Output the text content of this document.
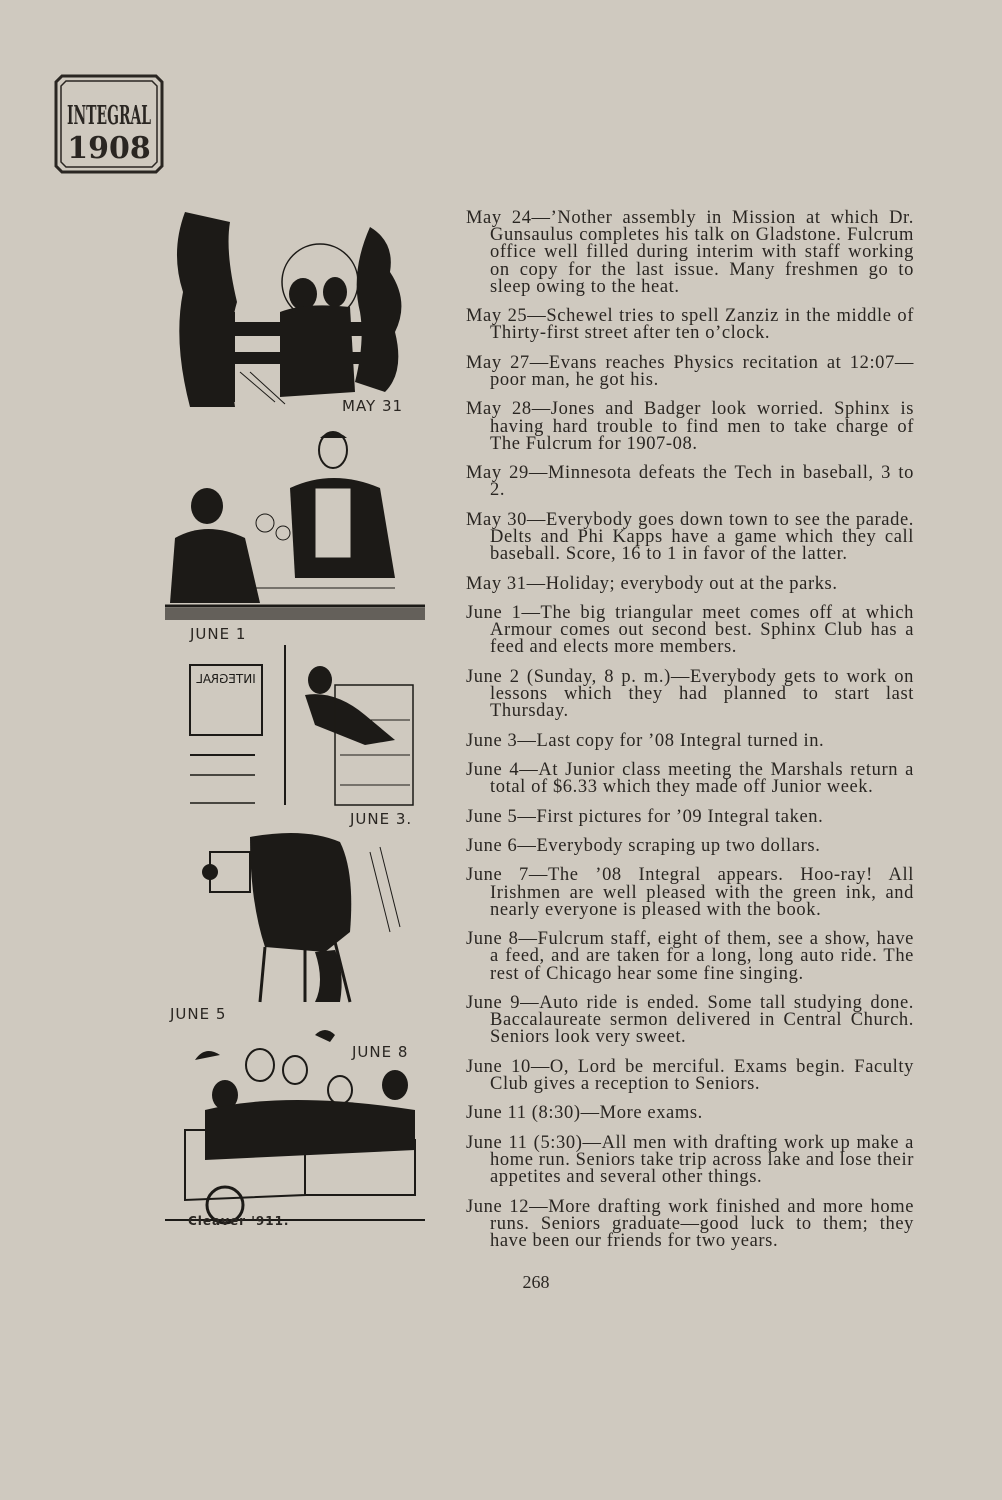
INTEGRAL
1908
MAY 31
JUNE 1
INTEGRAL
JUNE 3.
JUNE 5
JUNE 8
Cleaver '911.

May 24—’Nother assembly in Mission at which Dr. Gunsaulus completes his talk on Gladstone. Fulcrum office well filled during interim with staff working on copy for the last issue. Many freshmen go to sleep owing to the heat.

May 25—Schewel tries to spell Zanziz in the middle of Thirty-first street after ten o’clock.

May 27—Evans reaches Physics recitation at 12:07—poor man, he got his.

May 28—Jones and Badger look worried. Sphinx is having hard trouble to find men to take charge of The Fulcrum for 1907-08.

May 29—Minnesota defeats the Tech in baseball, 3 to 2.

May 30—Everybody goes down town to see the parade. Delts and Phi Kapps have a game which they call baseball. Score, 16 to 1 in favor of the latter.

May 31—Holiday; everybody out at the parks.

June 1—The big triangular meet comes off at which Armour comes out second best. Sphinx Club has a feed and elects more members.

June 2 (Sunday, 8 p. m.)—Everybody gets to work on lessons which they had planned to start last Thursday.

June 3—Last copy for ’08 Integral turned in.

June 4—At Junior class meeting the Marshals return a total of $6.33 which they made off Junior week.

June 5—First pictures for ’09 Integral taken.

June 6—Everybody scraping up two dollars.

June 7—The ’08 Integral appears. Hoo-ray! All Irishmen are well pleased with the green ink, and nearly everyone is pleased with the book.

June 8—Fulcrum staff, eight of them, see a show, have a feed, and are taken for a long, long auto ride. The rest of Chicago hear some fine singing.

June 9—Auto ride is ended. Some tall studying done. Baccalaureate sermon delivered in Central Church. Seniors look very sweet.

June 10—O, Lord be merciful. Exams begin. Faculty Club gives a reception to Seniors.

June 11 (8:30)—More exams.

June 11 (5:30)—All men with drafting work up make a home run. Seniors take trip across lake and lose their appetites and several other things.

June 12—More drafting work finished and more home runs. Seniors graduate—good luck to them; they have been our friends for two years.

268
